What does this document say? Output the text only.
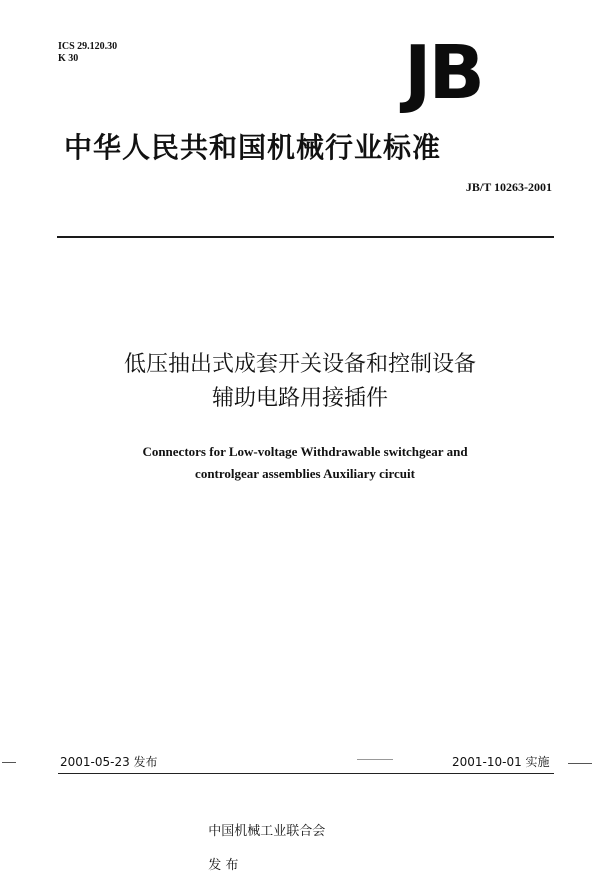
ICS 29.120.30
K 30	JB
中华人民共和国机械行业标准
JB/T 10263-2001
低压抽出式成套开关设备和控制设备
辅助电路用接插件
Connectors for Low-voltage Withdrawable switchgear and
controlgear assemblies Auxiliary circuit
2001-05-23 发布	2001-10-01 实施

中国机械工业联合会

发 布
